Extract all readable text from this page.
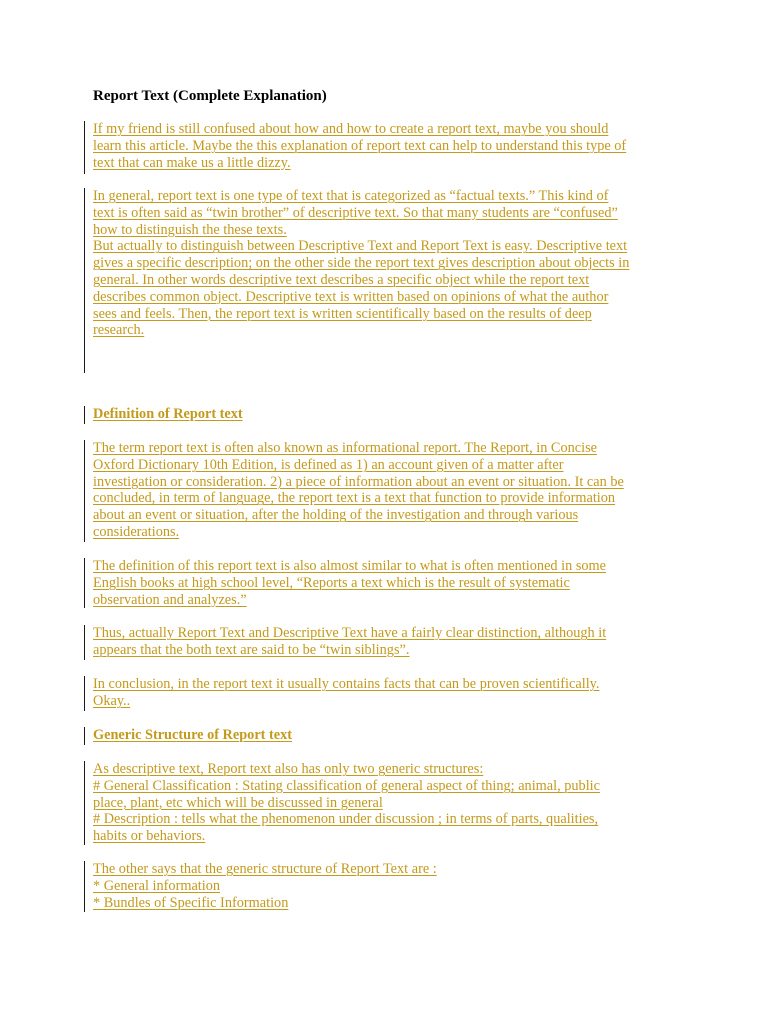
Report Text (Complete Explanation)
If my friend is still confused about how and how to create a report text, maybe you should
learn this article. Maybe the this explanation of report text can help to understand this type of
text that can make us a little dizzy.
In general, report text is one type of text that is categorized as “factual texts.” This kind of
text is often said as “twin brother” of descriptive text. So that many students are “confused”
how to distinguish the these texts.
But actually to distinguish between Descriptive Text and Report Text is easy. Descriptive text
gives a specific description; on the other side the report text gives description about objects in
general. In other words descriptive text describes a specific object while the report text
describes common object. Descriptive text is written based on opinions of what the author
sees and feels. Then, the report text is written scientifically based on the results of deep
research.
Definition of Report text
The term report text is often also known as informational report. The Report, in Concise
Oxford Dictionary 10th Edition, is defined as 1) an account given of a matter after
investigation or consideration. 2) a piece of information about an event or situation. It can be
concluded, in term of language, the report text is a text that function to provide information
about an event or situation, after the holding of the investigation and through various
considerations.
The definition of this report text is also almost similar to what is often mentioned in some
English books at high school level, “Reports a text which is the result of systematic
observation and analyzes.”
Thus, actually Report Text and Descriptive Text have a fairly clear distinction, although it
appears that the both text are said to be “twin siblings”.
In conclusion, in the report text it usually contains facts that can be proven scientifically.
Okay..
Generic Structure of Report text
As descriptive text, Report text also has only two generic structures:
# General Classification : Stating classification of general aspect of thing; animal, public
place, plant, etc which will be discussed in general
# Description : tells what the phenomenon under discussion ; in terms of parts, qualities,
habits or behaviors.
The other says that the generic structure of Report Text are :
* General information
* Bundles of Specific Information
